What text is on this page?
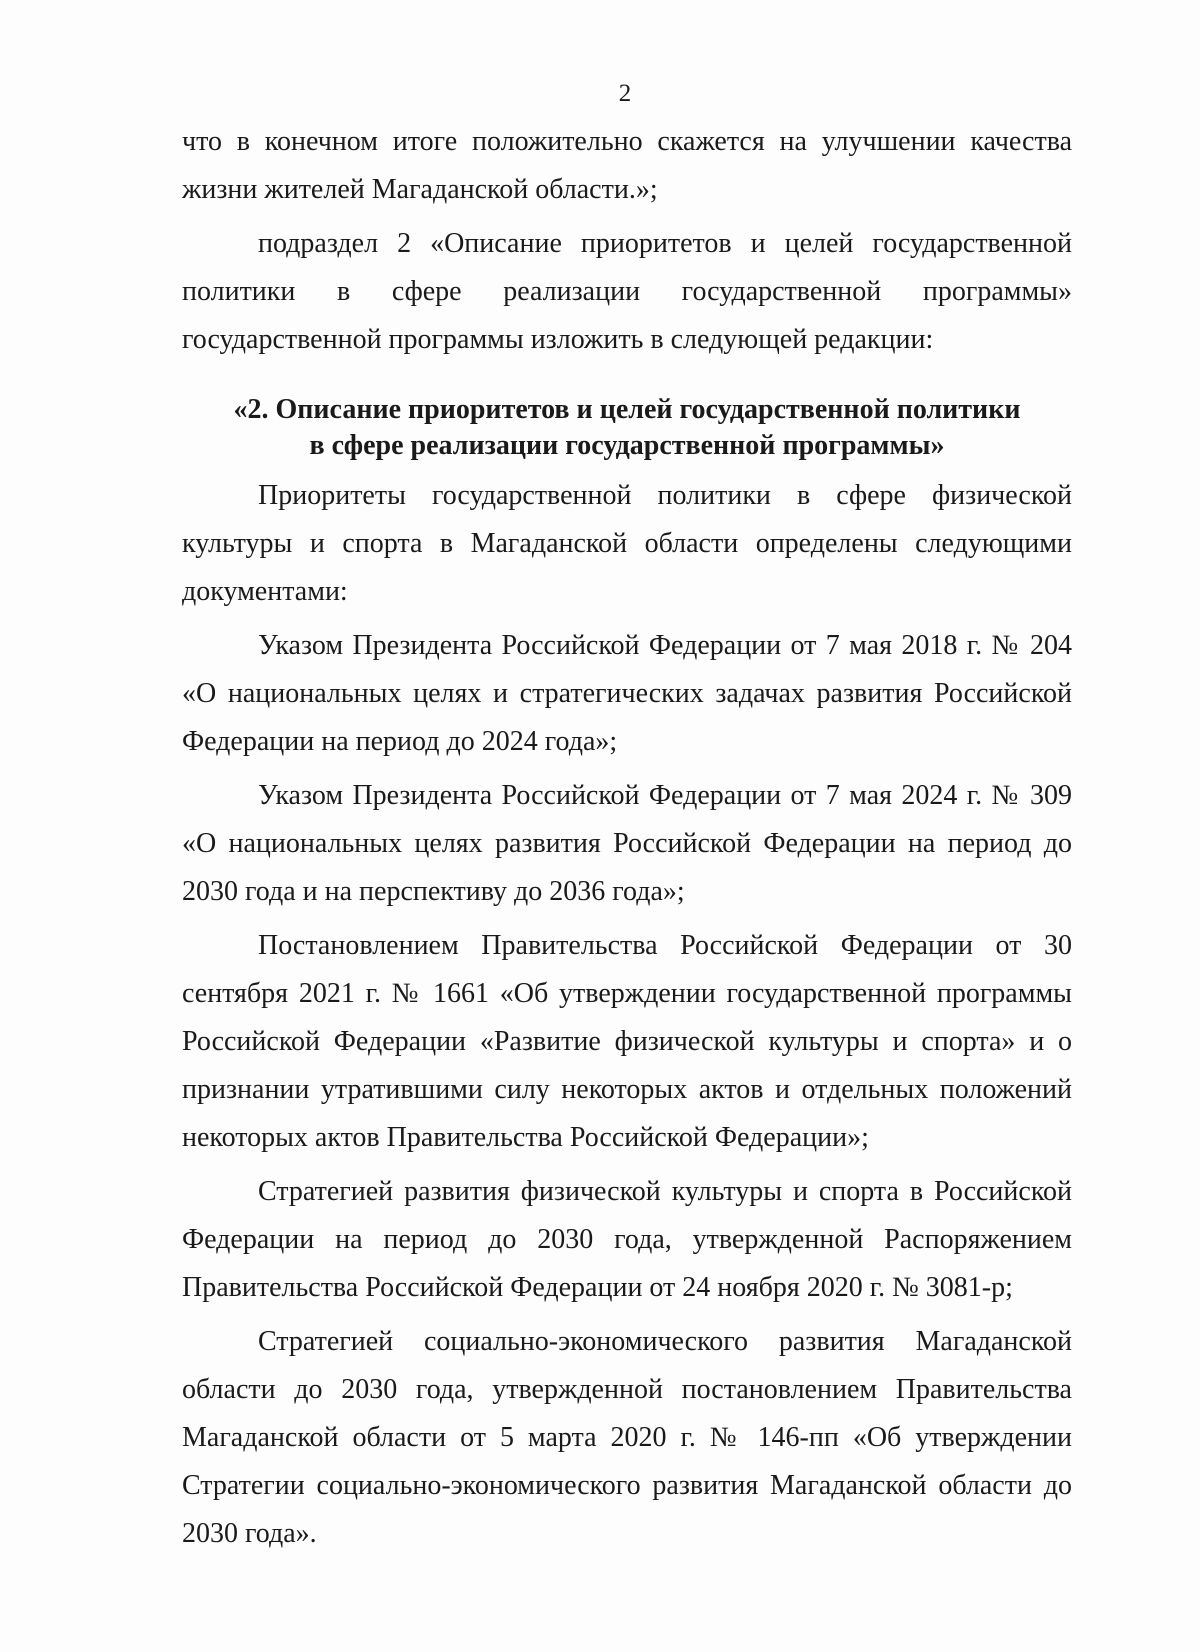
2

что в конечном итоге положительно скажется на улучшении качества жизни жителей Магаданской области.»;

подраздел 2 «Описание приоритетов и целей государственной политики в сфере реализации государственной программы» государственной программы изложить в следующей редакции:

«2. Описание приоритетов и целей государственной политики
в сфере реализации государственной программы»

Приоритеты государственной политики в сфере физической культуры и спорта в Магаданской области определены следующими документами:

Указом Президента Российской Федерации от 7 мая 2018 г. № 204 «О национальных целях и стратегических задачах развития Российской Федерации на период до 2024 года»;

Указом Президента Российской Федерации от 7 мая 2024 г. № 309 «О национальных целях развития Российской Федерации на период до 2030 года и на перспективу до 2036 года»;

Постановлением Правительства Российской Федерации от 30 сентября 2021 г. № 1661 «Об утверждении государственной программы Российской Федерации «Развитие физической культуры и спорта» и о признании утратившими силу некоторых актов и отдельных положений некоторых актов Правительства Российской Федерации»;

Стратегией развития физической культуры и спорта в Российской Федерации на период до 2030 года, утвержденной Распоряжением Правительства Российской Федерации от 24 ноября 2020 г. № 3081-р;

Стратегией социально-экономического развития Магаданской области до 2030 года, утвержденной постановлением Правительства Магаданской области от 5 марта 2020 г. № 146-пп «Об утверждении Стратегии социально-экономического развития Магаданской области до 2030 года».
